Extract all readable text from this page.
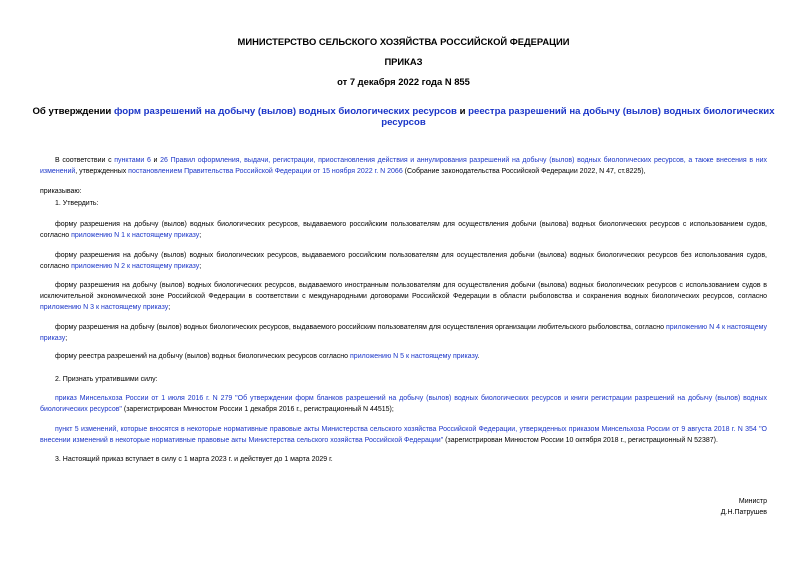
МИНИСТЕРСТВО СЕЛЬСКОГО ХОЗЯЙСТВА РОССИЙСКОЙ ФЕДЕРАЦИИ
ПРИКАЗ
от 7 декабря 2022 года N 855
Об утверждении форм разрешений на добычу (вылов) водных биологических ресурсов и реестра разрешений на добычу (вылов) водных биологических ресурсов
В соответствии с пунктами 6 и 26 Правил оформления, выдачи, регистрации, приостановления действия и аннулирования разрешений на добычу (вылов) водных биологических ресурсов, а также внесения в них изменений, утвержденных постановлением Правительства Российской Федерации от 15 ноября 2022 г. N 2066 (Собрание законодательства Российской Федерации 2022, N 47, ст.8225),
приказываю:
1. Утвердить:
форму разрешения на добычу (вылов) водных биологических ресурсов, выдаваемого российским пользователям для осуществления добычи (вылова) водных биологических ресурсов с использованием судов, согласно приложению N 1 к настоящему приказу;
форму разрешения на добычу (вылов) водных биологических ресурсов, выдаваемого российским пользователям для осуществления добычи (вылова) водных биологических ресурсов без использования судов, согласно приложению N 2 к настоящему приказу;
форму разрешения на добычу (вылов) водных биологических ресурсов, выдаваемого иностранным пользователям для осуществления добычи (вылова) водных биологических ресурсов с использованием судов в исключительной экономической зоне Российской Федерации в соответствии с международными договорами Российской Федерации в области рыболовства и сохранения водных биологических ресурсов, согласно приложению N 3 к настоящему приказу;
форму разрешения на добычу (вылов) водных биологических ресурсов, выдаваемого российским пользователям для осуществления организации любительского рыболовства, согласно приложению N 4 к настоящему приказу;
форму реестра разрешений на добычу (вылов) водных биологических ресурсов согласно приложению N 5 к настоящему приказу.
2. Признать утратившими силу:
приказ Минсельхоза России от 1 июля 2016 г. N 279 "Об утверждении форм бланков разрешений на добычу (вылов) водных биологических ресурсов и книги регистрации разрешений на добычу (вылов) водных биологических ресурсов" (зарегистрирован Минюстом России 1 декабря 2016 г., регистрационный N 44515);
пункт 5 изменений, которые вносятся в некоторые нормативные правовые акты Министерства сельского хозяйства Российской Федерации, утвержденных приказом Минсельхоза России от 9 августа 2018 г. N 354 "О внесении изменений в некоторые нормативные правовые акты Министерства сельского хозяйства Российской Федерации" (зарегистрирован Минюстом России 10 октября 2018 г., регистрационный N 52387).
3. Настоящий приказ вступает в силу с 1 марта 2023 г. и действует до 1 марта 2029 г.
Министр
Д.Н.Патрушев
